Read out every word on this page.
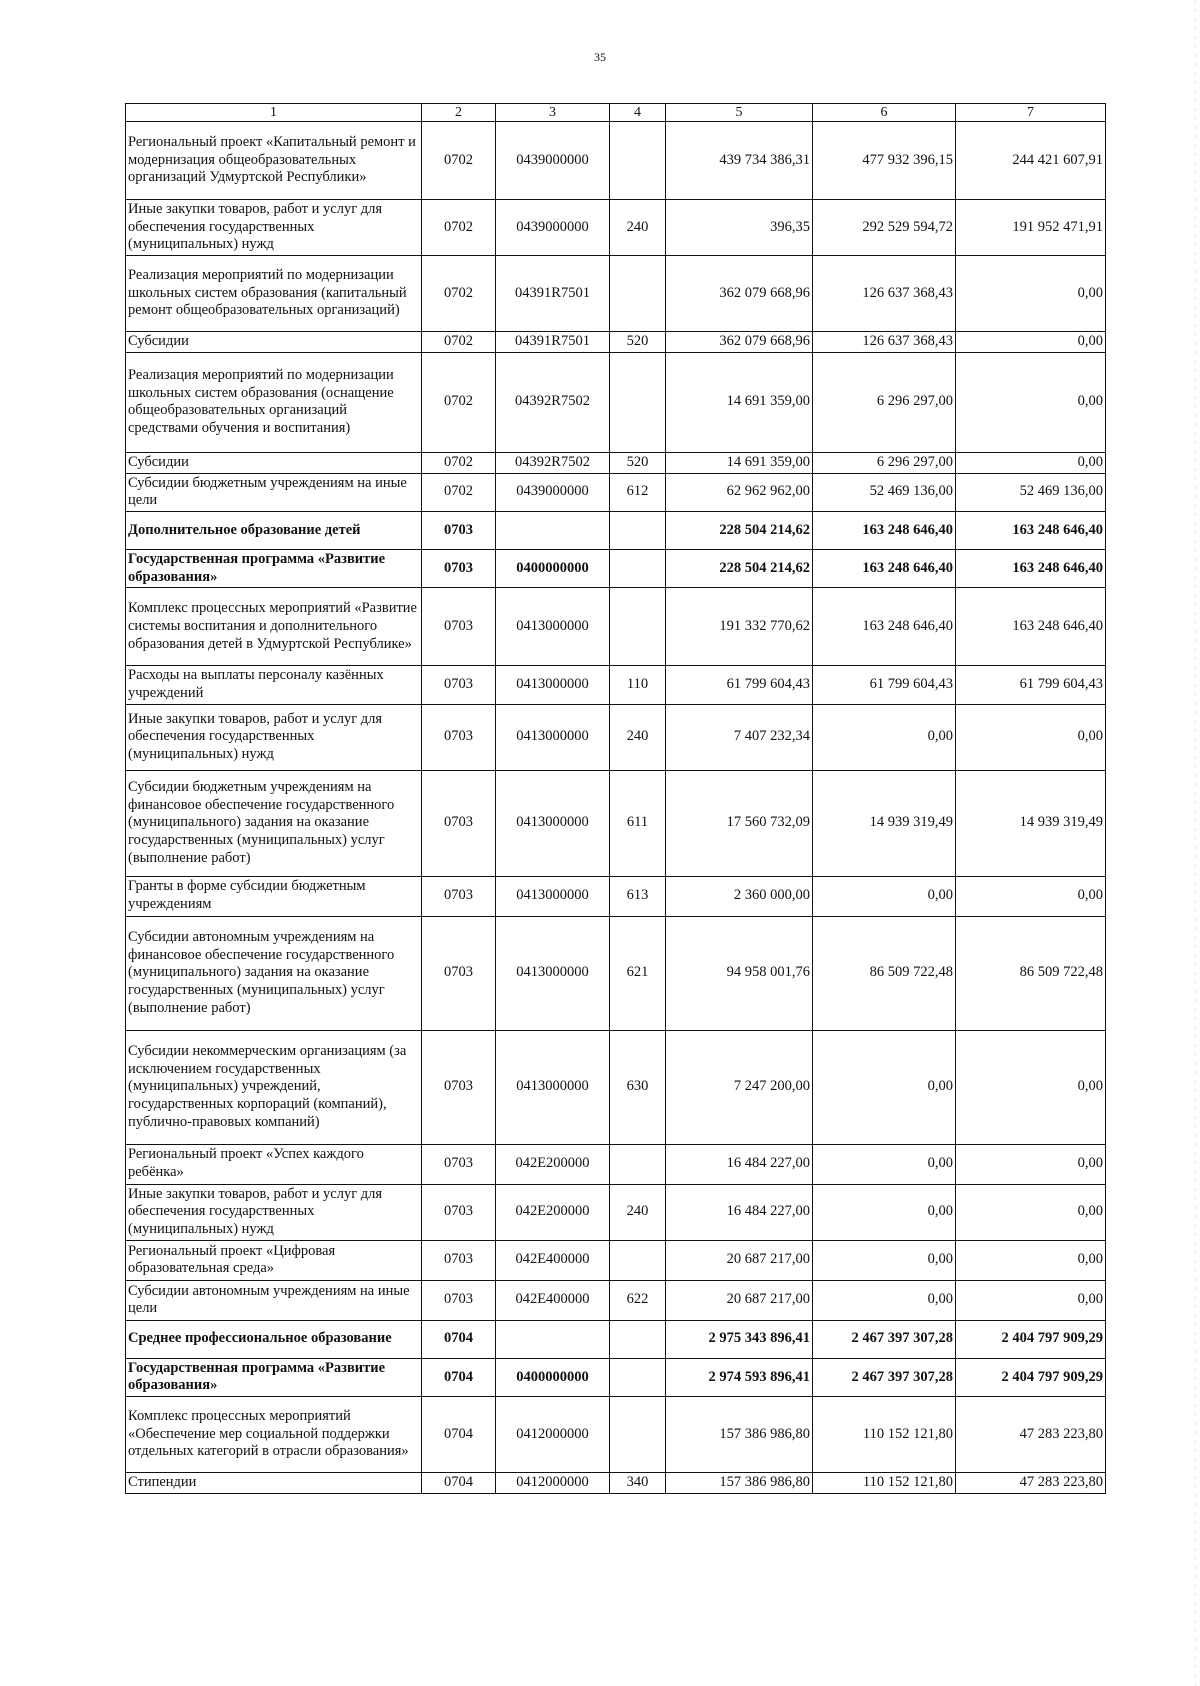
35
1	2	3	4	5	6	7
Региональный проект «Капитальный ремонт и модернизация общеобразовательных организаций Удмуртской Республики»	0702	0439000000		439 734 386,31	477 932 396,15	244 421 607,91
Иные закупки товаров, работ и услуг для обеспечения государственных (муниципальных) нужд	0702	0439000000	240	396,35	292 529 594,72	191 952 471,91
Реализация мероприятий по модернизации школьных систем образования (капитальный ремонт общеобразовательных организаций)	0702	04391R7501		362 079 668,96	126 637 368,43	0,00
Субсидии	0702	04391R7501	520	362 079 668,96	126 637 368,43	0,00
Реализация мероприятий по модернизации школьных систем образования (оснащение общеобразовательных организаций средствами обучения и воспитания)	0702	04392R7502		14 691 359,00	6 296 297,00	0,00
Субсидии	0702	04392R7502	520	14 691 359,00	6 296 297,00	0,00
Субсидии бюджетным учреждениям на иные цели	0702	0439000000	612	62 962 962,00	52 469 136,00	52 469 136,00
Дополнительное образование детей	0703			228 504 214,62	163 248 646,40	163 248 646,40
Государственная программа «Развитие образования»	0703	0400000000		228 504 214,62	163 248 646,40	163 248 646,40
Комплекс процессных мероприятий «Развитие системы воспитания и дополнительного образования детей в Удмуртской Республике»	0703	0413000000		191 332 770,62	163 248 646,40	163 248 646,40
Расходы на выплаты персоналу казённых учреждений	0703	0413000000	110	61 799 604,43	61 799 604,43	61 799 604,43
Иные закупки товаров, работ и услуг для обеспечения государственных (муниципальных) нужд	0703	0413000000	240	7 407 232,34	0,00	0,00
Субсидии бюджетным учреждениям на финансовое обеспечение государственного (муниципального) задания на оказание государственных (муниципальных) услуг (выполнение работ)	0703	0413000000	611	17 560 732,09	14 939 319,49	14 939 319,49
Гранты в форме субсидии бюджетным учреждениям	0703	0413000000	613	2 360 000,00	0,00	0,00
Субсидии автономным учреждениям на финансовое обеспечение государственного (муниципального) задания на оказание государственных (муниципальных) услуг (выполнение работ)	0703	0413000000	621	94 958 001,76	86 509 722,48	86 509 722,48
Субсидии некоммерческим организациям (за исключением государственных (муниципальных) учреждений, государственных корпораций (компаний), публично-правовых компаний)	0703	0413000000	630	7 247 200,00	0,00	0,00
Региональный проект «Успех каждого ребёнка»	0703	042E200000		16 484 227,00	0,00	0,00
Иные закупки товаров, работ и услуг для обеспечения государственных (муниципальных) нужд	0703	042E200000	240	16 484 227,00	0,00	0,00
Региональный проект «Цифровая образовательная среда»	0703	042E400000		20 687 217,00	0,00	0,00
Субсидии автономным учреждениям на иные цели	0703	042E400000	622	20 687 217,00	0,00	0,00
Среднее профессиональное образование	0704			2 975 343 896,41	2 467 397 307,28	2 404 797 909,29
Государственная программа «Развитие образования»	0704	0400000000		2 974 593 896,41	2 467 397 307,28	2 404 797 909,29
Комплекс процессных мероприятий «Обеспечение мер социальной поддержки отдельных категорий в отрасли образования»	0704	0412000000		157 386 986,80	110 152 121,80	47 283 223,80
Стипендии	0704	0412000000	340	157 386 986,80	110 152 121,80	47 283 223,80
